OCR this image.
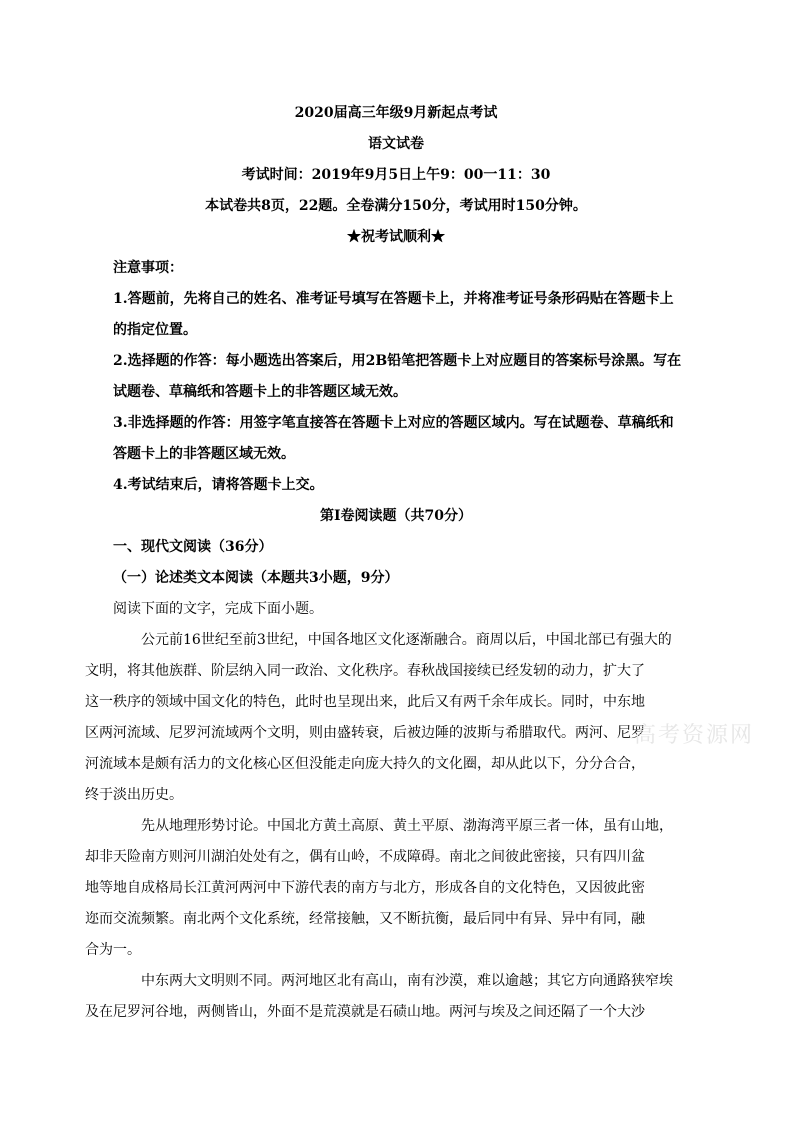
2020届高三年级9月新起点考试
语文试卷
考试时间：2019年9月5日上午9：00一11：30
本试卷共8页，22题。全卷满分150分，考试用时150分钟。
★祝考试顺利★
注意事项：
1.答题前，先将自己的姓名、准考证号填写在答题卡上，并将准考证号条形码贴在答题卡上
的指定位置。
2.选择题的作答：每小题选出答案后，用2B铅笔把答题卡上对应题目的答案标号涂黑。写在
试题卷、草稿纸和答题卡上的非答题区域无效。
3.非选择题的作答：用签字笔直接答在答题卡上对应的答题区域内。写在试题卷、草稿纸和
答题卡上的非答题区域无效。
4.考试结束后，请将答题卡上交。
第I卷阅读题（共70分）
一、现代文阅读（36分）
（一）论述类文本阅读（本题共3小题，9分）
阅读下面的文字，完成下面小题。

公元前16世纪至前3世纪，中国各地区文化逐渐融合。商周以后，中国北部已有强大的
文明，将其他族群、阶层纳入同一政治、文化秩序。春秋战国接续已经发轫的动力，扩大了
这一秩序的领域中国文化的特色，此时也呈现出来，此后又有两千余年成长。同时，中东地
区两河流域、尼罗河流域两个文明，则由盛转衰，后被边陲的波斯与希腊取代。两河、尼罗
河流域本是颇有活力的文化核心区但没能走向庞大持久的文化圈，却从此以下，分分合合，
终于淡出历史。

先从地理形势讨论。中国北方黄土高原、黄土平原、渤海湾平原三者一体，虽有山地，
却非天险南方则河川湖泊处处有之，偶有山岭，不成障碍。南北之间彼此密接，只有四川盆
地等地自成格局长江黄河两河中下游代表的南方与北方，形成各自的文化特色，又因彼此密
迩而交流频繁。南北两个文化系统，经常接触，又不断抗衡，最后同中有异、异中有同，融
合为一。

中东两大文明则不同。两河地区北有高山，南有沙漠，难以逾越；其它方向通路狭窄埃
及在尼罗河谷地，两侧皆山，外面不是荒漠就是石碛山地。两河与埃及之间还隔了一个大沙

高考资源网
